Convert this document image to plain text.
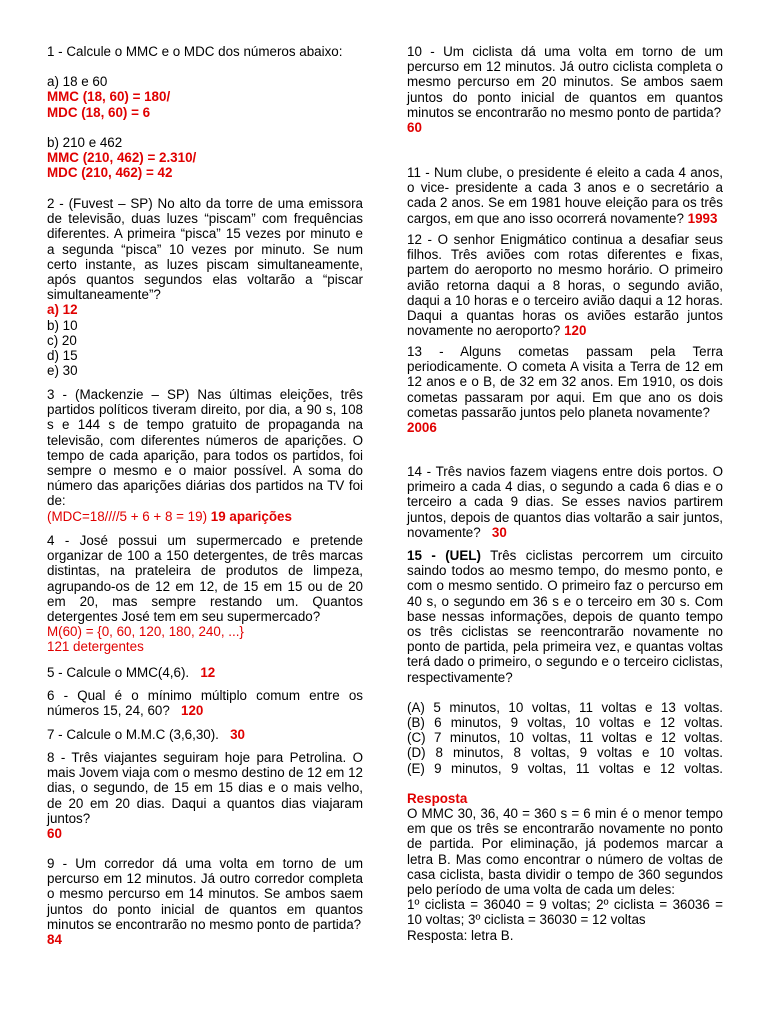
1 - Calcule o MMC e o MDC dos números abaixo:

a) 18 e 60

MMC (18, 60) = 180/

MDC (18, 60) = 6

b) 210 e 462

MMC (210, 462) = 2.310/

MDC (210, 462) = 42

2 - (Fuvest – SP) No alto da torre de uma emissora de televisão, duas luzes “piscam” com frequências diferentes. A primeira “pisca” 15 vezes por minuto e a segunda “pisca” 10 vezes por minuto. Se num certo instante, as luzes piscam simultaneamente, após quantos segundos elas voltarão a “piscar simultaneamente”?

a) 12

b) 10

c) 20

d) 15

e) 30

3 - (Mackenzie – SP) Nas últimas eleições, três partidos políticos tiveram direito, por dia, a 90 s, 108 s e 144 s de tempo gratuito de propaganda na televisão, com diferentes números de aparições. O tempo de cada aparição, para todos os partidos, foi sempre o mesmo e o maior possível. A soma do número das aparições diárias dos partidos na TV foi de:

(MDC=18////5 + 6 + 8 = 19) 19 aparições

4 - José possui um supermercado e pretende organizar de 100 a 150 detergentes, de três marcas distintas, na prateleira de produtos de limpeza, agrupando-os de 12 em 12, de 15 em 15 ou de 20 em 20, mas sempre restando um. Quantos detergentes José tem em seu supermercado?

M(60) = {0, 60, 120, 180, 240, ...}

121 detergentes

5 - Calcule o MMC(4,6). 12

6 - Qual é o mínimo múltiplo comum entre os números 15, 24, 60? 120

7 - Calcule o M.M.C (3,6,30). 30

8 - Três viajantes seguiram hoje para Petrolina. O mais Jovem viaja com o mesmo destino de 12 em 12 dias, o segundo, de 15 em 15 dias e o mais velho, de 20 em 20 dias. Daqui a quantos dias viajaram juntos?

60

9 - Um corredor dá uma volta em torno de um percurso em 12 minutos. Já outro corredor completa o mesmo percurso em 14 minutos. Se ambos saem juntos do ponto inicial de quantos em quantos minutos se encontrarão no mesmo ponto de partida?

84

10 - Um ciclista dá uma volta em torno de um percurso em 12 minutos. Já outro ciclista completa o mesmo percurso em 20 minutos. Se ambos saem juntos do ponto inicial de quantos em quantos minutos se encontrarão no mesmo ponto de partida?

60

11 - Num clube, o presidente é eleito a cada 4 anos, o vice- presidente a cada 3 anos e o secretário a cada 2 anos. Se em 1981 houve eleição para os três cargos, em que ano isso ocorrerá novamente? 1993

12 - O senhor Enigmático continua a desafiar seus filhos. Três aviões com rotas diferentes e fixas, partem do aeroporto no mesmo horário. O primeiro avião retorna daqui a 8 horas, o segundo avião, daqui a 10 horas e o terceiro avião daqui a 12 horas. Daqui a quantas horas os aviões estarão juntos novamente no aeroporto? 120

13 - Alguns cometas passam pela Terra periodicamente. O cometa A visita a Terra de 12 em 12 anos e o B, de 32 em 32 anos. Em 1910, os dois cometas passaram por aqui. Em que ano os dois cometas passarão juntos pelo planeta novamente?

2006

14 - Três navios fazem viagens entre dois portos. O primeiro a cada 4 dias, o segundo a cada 6 dias e o terceiro a cada 9 dias. Se esses navios partirem juntos, depois de quantos dias voltarão a sair juntos, novamente? 30

15 - (UEL) Três ciclistas percorrem um circuito saindo todos ao mesmo tempo, do mesmo ponto, e com o mesmo sentido. O primeiro faz o percurso em 40 s, o segundo em 36 s e o terceiro em 30 s. Com base nessas informações, depois de quanto tempo os três ciclistas se reencontrarão novamente no ponto de partida, pela primeira vez, e quantas voltas terá dado o primeiro, o segundo e o terceiro ciclistas, respectivamente?

(A) 5 minutos, 10 voltas, 11 voltas e 13 voltas.
(B) 6 minutos, 9 voltas, 10 voltas e 12 voltas.
(C) 7 minutos, 10 voltas, 11 voltas e 12 voltas.
(D) 8 minutos, 8 voltas, 9 voltas e 10 voltas.
(E) 9 minutos, 9 voltas, 11 voltas e 12 voltas.

Resposta

O MMC 30, 36, 40 = 360 s = 6 min é o menor tempo em que os três se encontrarão novamente no ponto de partida. Por eliminação, já podemos marcar a letra B. Mas como encontrar o número de voltas de casa ciclista, basta dividir o tempo de 360 segundos pelo período de uma volta de cada um deles:

1º ciclista = 36040 = 9 voltas; 2º ciclista = 36036 = 10 voltas; 3º ciclista = 36030 = 12 voltas

Resposta: letra B.
